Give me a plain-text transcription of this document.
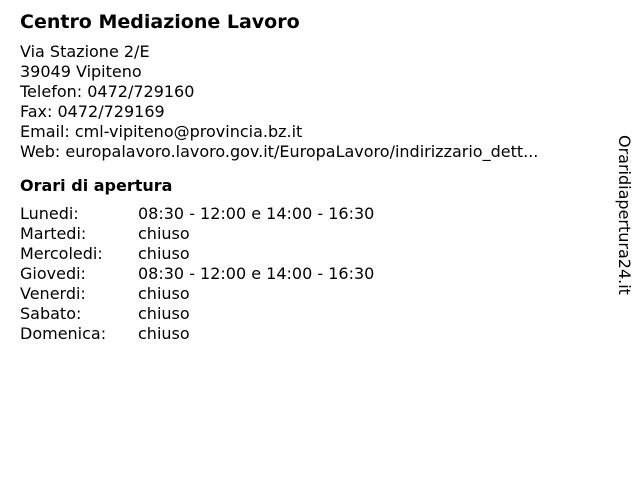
Centro Mediazione Lavoro
Via Stazione 2/E
39049 Vipiteno
Telefon: 0472/729160
Fax: 0472/729169
Email: cml-vipiteno@provincia.bz.it
Web: europalavoro.lavoro.gov.it/EuropaLavoro/indirizzario_dett...
Orari di apertura
Lunedi:	08:30 - 12:00 e 14:00 - 16:30
Martedi:	chiuso
Mercoledi:	chiuso
Giovedi:	08:30 - 12:00 e 14:00 - 16:30
Venerdi:	chiuso
Sabato:	chiuso
Domenica:	chiuso
Oraridiapertura24.it
